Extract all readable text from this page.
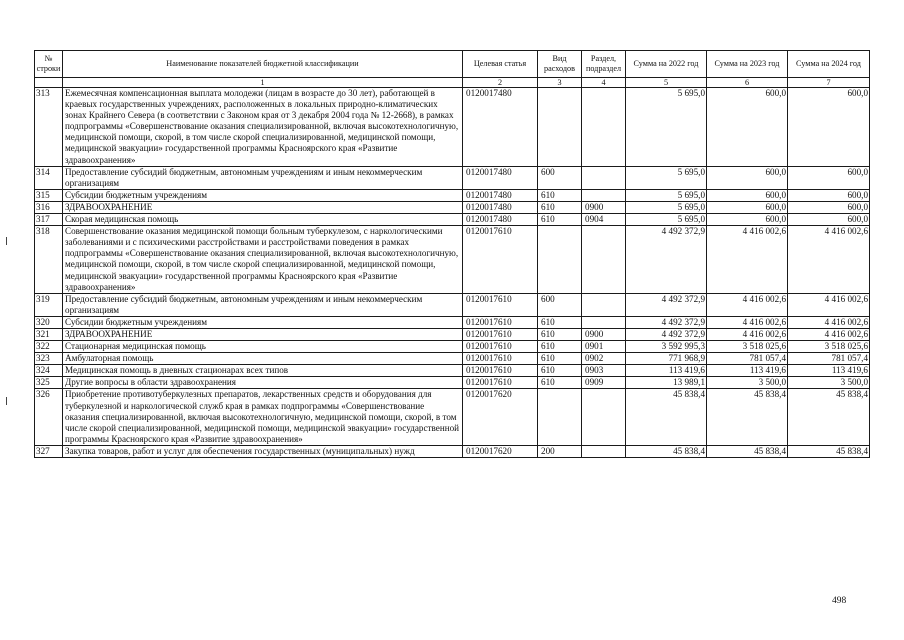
№ строки	Наименование показателей бюджетной классификации	Целевая статья	Вид расходов	Раздел, подраздел	Сумма на 2022 год	Сумма на 2023 год	Сумма на 2024 год
	1	2	3	4	5	6	7
313	Ежемесячная компенсационная выплата молодежи (лицам в возрасте до 30 лет), работающей в краевых государственных учреждениях, расположенных в локальных природно-климатических зонах Крайнего Севера (в соответствии с Законом края от 3 декабря 2004 года № 12-2668), в рамках подпрограммы «Совершенствование оказания специализированной, включая высокотехнологичную, медицинской помощи, скорой, в том числе скорой специализированной, медицинской помощи, медицинской эвакуации» государственной программы Красноярского края «Развитие здравоохранения»	0120017480			5 695,0	600,0	600,0
314	Предоставление субсидий бюджетным, автономным учреждениям и иным некоммерческим организациям	0120017480	600		5 695,0	600,0	600,0
315	Субсидии бюджетным учреждениям	0120017480	610		5 695,0	600,0	600,0
316	ЗДРАВООХРАНЕНИЕ	0120017480	610	0900	5 695,0	600,0	600,0
317	Скорая медицинская помощь	0120017480	610	0904	5 695,0	600,0	600,0
318	Совершенствование оказания медицинской помощи больным туберкулезом, с наркологическими заболеваниями и с психическими расстройствами и расстройствами поведения в рамках подпрограммы «Совершенствование оказания специализированной, включая высокотехнологичную, медицинской помощи, скорой, в том числе скорой специализированной, медицинской помощи, медицинской эвакуации» государственной программы Красноярского края «Развитие здравоохранения»	0120017610			4 492 372,9	4 416 002,6	4 416 002,6
319	Предоставление субсидий бюджетным, автономным учреждениям и иным некоммерческим организациям	0120017610	600		4 492 372,9	4 416 002,6	4 416 002,6
320	Субсидии бюджетным учреждениям	0120017610	610		4 492 372,9	4 416 002,6	4 416 002,6
321	ЗДРАВООХРАНЕНИЕ	0120017610	610	0900	4 492 372,9	4 416 002,6	4 416 002,6
322	Стационарная медицинская помощь	0120017610	610	0901	3 592 995,3	3 518 025,6	3 518 025,6
323	Амбулаторная помощь	0120017610	610	0902	771 968,9	781 057,4	781 057,4
324	Медицинская помощь в дневных стационарах всех типов	0120017610	610	0903	113 419,6	113 419,6	113 419,6
325	Другие вопросы в области здравоохранения	0120017610	610	0909	13 989,1	3 500,0	3 500,0
326	Приобретение противотуберкулезных препаратов, лекарственных средств и оборудования для туберкулезной и наркологической служб края в рамках подпрограммы «Совершенствование оказания специализированной, включая высокотехнологичную, медицинской помощи, скорой, в том числе скорой специализированной, медицинской помощи, медицинской эвакуации» государственной программы Красноярского края «Развитие здравоохранения»	0120017620			45 838,4	45 838,4	45 838,4
327	Закупка товаров, работ и услуг для обеспечения государственных (муниципальных) нужд	0120017620	200		45 838,4	45 838,4	45 838,4
498
